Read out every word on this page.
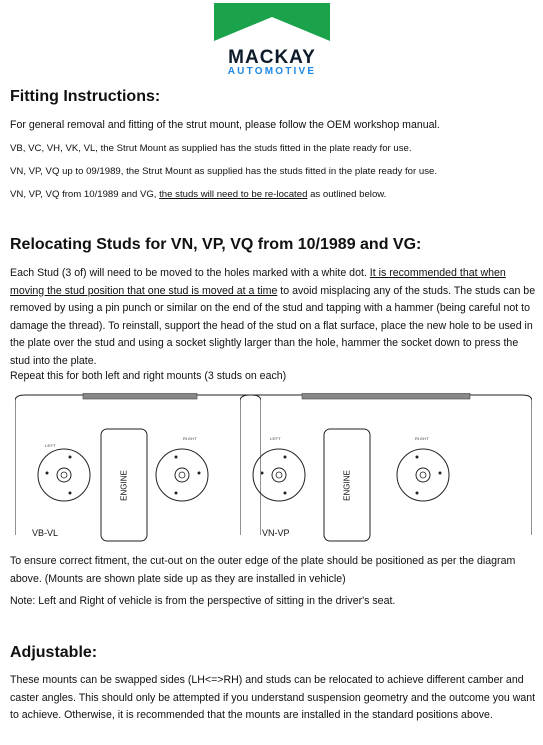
MACKAY
AUTOMOTIVE
Fitting Instructions:

For general removal and fitting of the strut mount, please follow the OEM workshop manual.

VB, VC, VH, VK, VL, the Strut Mount as supplied has the studs fitted in the plate ready for use.

VN, VP, VQ up to 09/1989, the Strut Mount as supplied has the studs fitted in the plate ready for use.

VN, VP, VQ from 10/1989 and VG, the studs will need to be re-located as outlined below.

Relocating Studs for VN, VP, VQ from 10/1989 and VG:

Each Stud (3 of) will need to be moved to the holes marked with a white dot. It is recommended that when moving the stud position that one stud is moved at a time to avoid misplacing any of the studs. The studs can be removed by using a pin punch or similar on the end of the stud and tapping with a hammer (being careful not to damage the thread). To reinstall, support the head of the stud on a flat surface, place the new hole to be used in the plate over the stud and using a socket slightly larger than the hole, hammer the socket down to press the stud into the plate.

Repeat this for both left and right mounts (3 studs on each)

LEFT
RIGHT
ENGINE
VB-VL
LEFT	RIGHT
ENGINE
VN-VP

To ensure correct fitment, the cut-out on the outer edge of the plate should be positioned as per the diagram above. (Mounts are shown plate side up as they are installed in vehicle)

Note: Left and Right of vehicle is from the perspective of sitting in the driver's seat.

Adjustable:

These mounts can be swapped sides (LH<=>RH) and studs can be relocated to achieve different camber and caster angles. This should only be attempted if you understand suspension geometry and the outcome you want to achieve. Otherwise, it is recommended that the mounts are installed in the standard positions above.
